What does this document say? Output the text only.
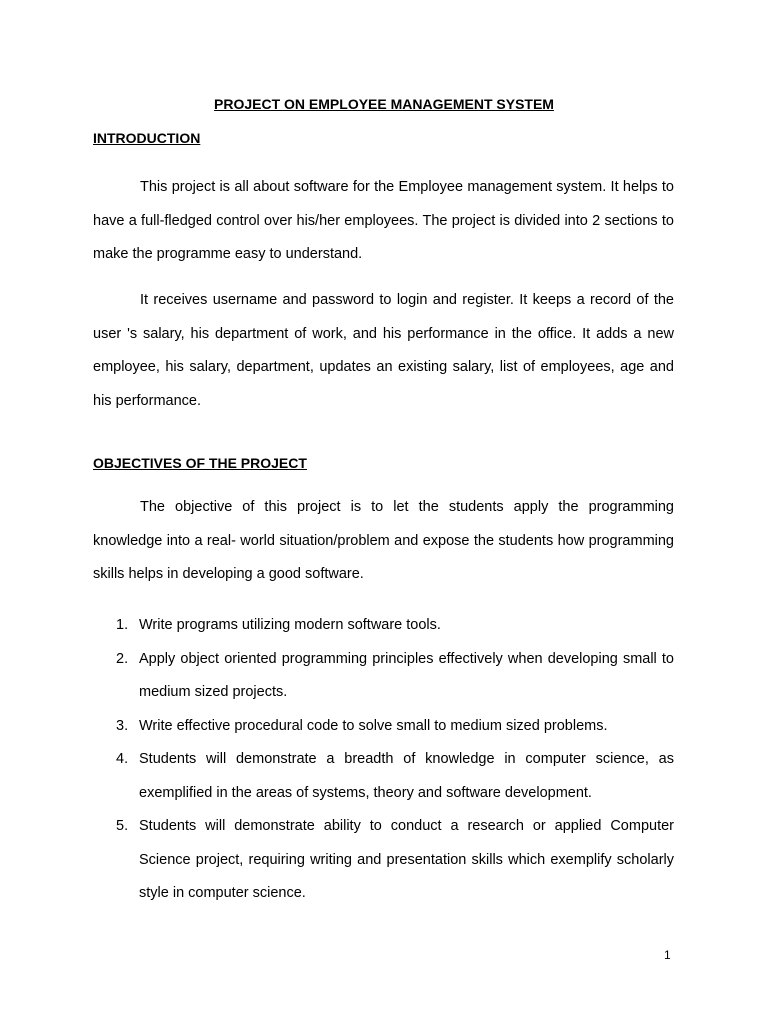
PROJECT ON EMPLOYEE MANAGEMENT SYSTEM
INTRODUCTION

This project is all about software for the Employee management system. It helps to have a full-fledged control over his/her employees. The project is divided into 2 sections to make the programme easy to understand.

It receives username and password to login and register. It keeps a record of the user 's salary, his department of work, and his performance in the office. It adds a new employee, his salary, department, updates an existing salary, list of employees, age and his performance.

OBJECTIVES OF THE PROJECT

The objective of this project is to let the students apply the programming knowledge into a real- world situation/problem and expose the students how programming skills helps in developing a good software.

1. Write programs utilizing modern software tools.
2. Apply object oriented programming principles effectively when developing small to medium sized projects.
3. Write effective procedural code to solve small to medium sized problems.
4. Students will demonstrate a breadth of knowledge in computer science, as exemplified in the areas of systems, theory and software development.
5. Students will demonstrate ability to conduct a research or applied Computer Science project, requiring writing and presentation skills which exemplify scholarly style in computer science.
1
